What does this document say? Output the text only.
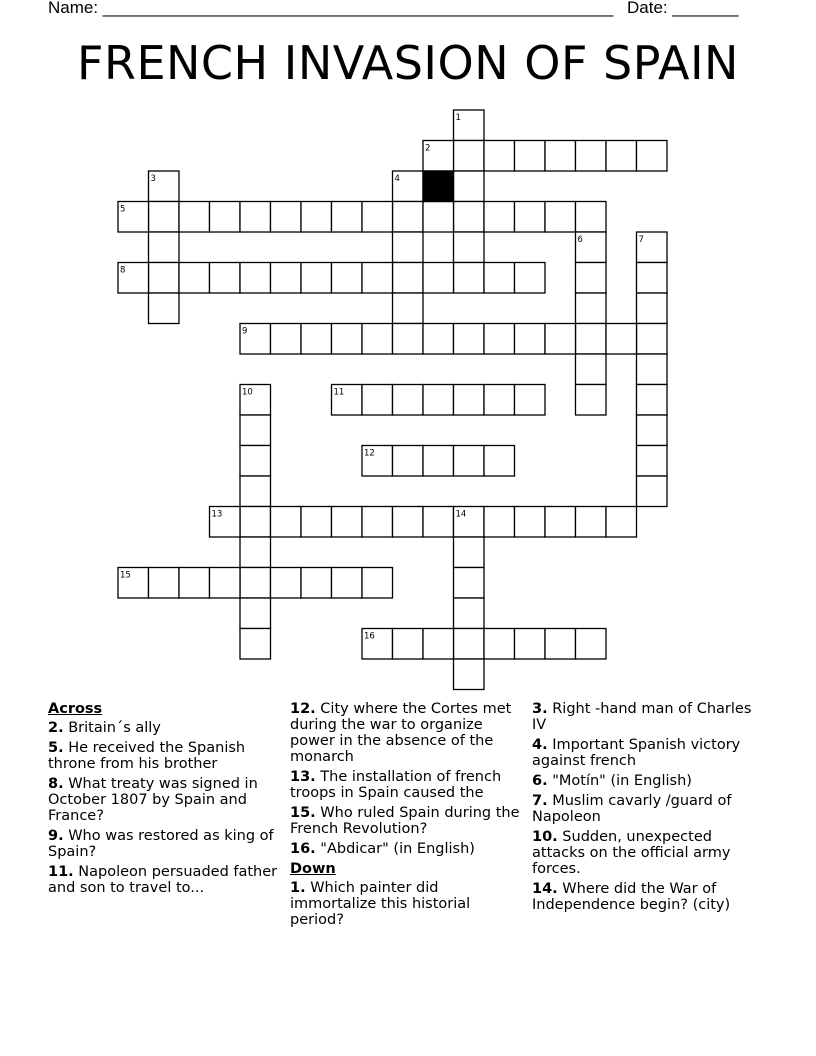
Name: ______________________________________________________ Date: _______
FRENCH INVASION OF SPAIN
1
2
3	4
5
6	7
8
9
10	11
12
13	14
15
16
Across
2. Britain´s ally
5. He received the Spanish throne from his brother
8. What treaty was signed in October 1807 by Spain and France?
9. Who was restored as king of Spain?
11. Napoleon persuaded father and son to travel to...
12. City where the Cortes met during the war to organize power in the absence of the monarch
13. The installation of french troops in Spain caused the
15. Who ruled Spain during the French Revolution?
16. "Abdicar" (in English)
Down
1. Which painter did immortalize this historial period?
3. Right -hand man of Charles IV
4. Important Spanish victory against french
6. "Motín" (in English)
7. Muslim cavarly /guard of Napoleon
10. Sudden, unexpected attacks on the official army forces.
14. Where did the War of Independence begin? (city)
